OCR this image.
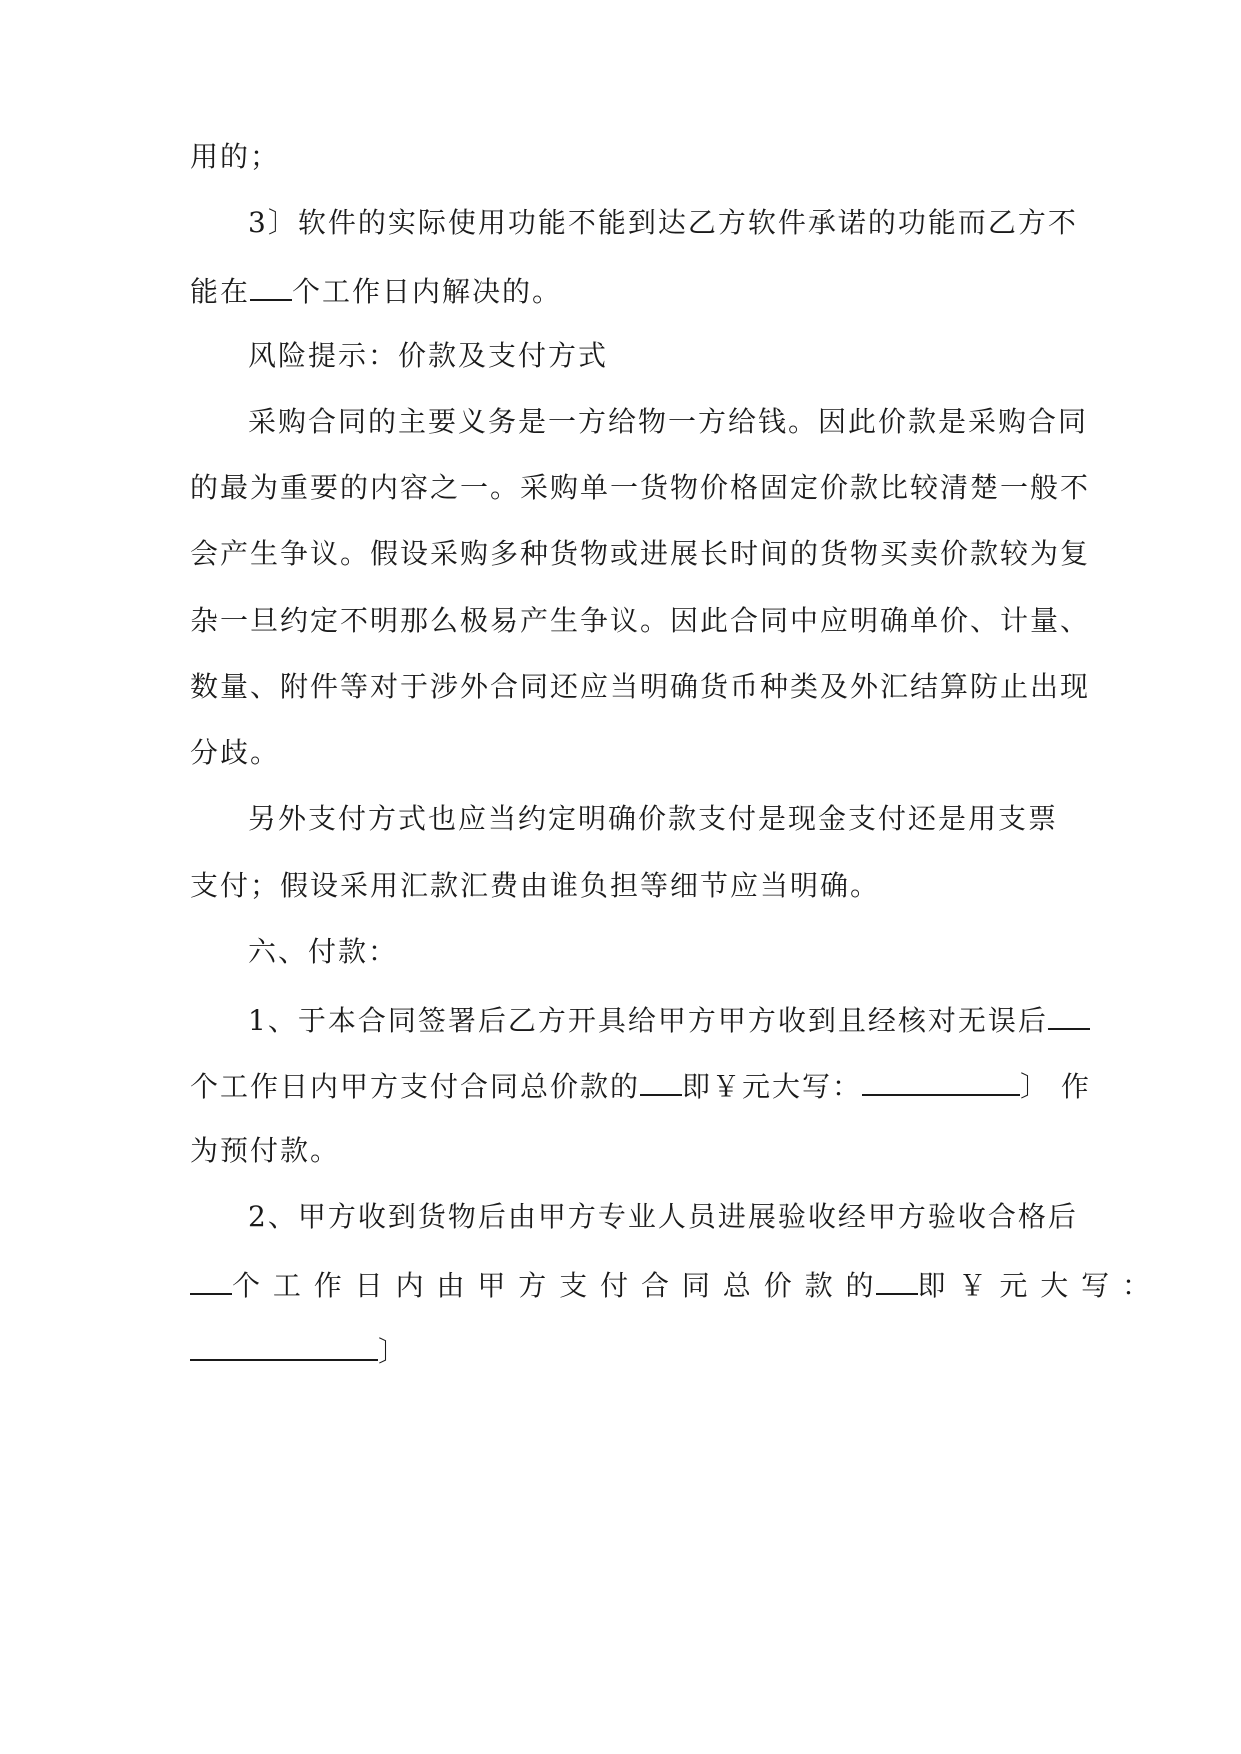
用的；
3〕软件的实际使用功能不能到达乙方软件承诺的功能而乙方不
能在 个工作日内解决的。
风险提示：价款及支付方式
采购合同的主要义务是一方给物一方给钱。因此价款是采购合同
的最为重要的内容之一。采购单一货物价格固定价款比较清楚一般不
会产生争议。假设采购多种货物或进展长时间的货物买卖价款较为复
杂一旦约定不明那么极易产生争议。因此合同中应明确单价、计量、
数量、附件等对于涉外合同还应当明确货币种类及外汇结算防止出现
分歧。
另外支付方式也应当约定明确价款支付是现金支付还是用支票
支付；假设采用汇款汇费由谁负担等细节应当明确。
六、付款：
1、于本合同签署后乙方开具给甲方甲方收到且经核对无误后
个工作日内甲方支付合同总价款的 即￥元大写：	〕 作
为预付款。
2、甲方收到货物后由甲方专业人员进展验收经甲方验收合格后
个 工 作 日 内 由 甲 方 支 付 合 同 总 价 款 的 即 ￥ 元 大 写 ：
〕
